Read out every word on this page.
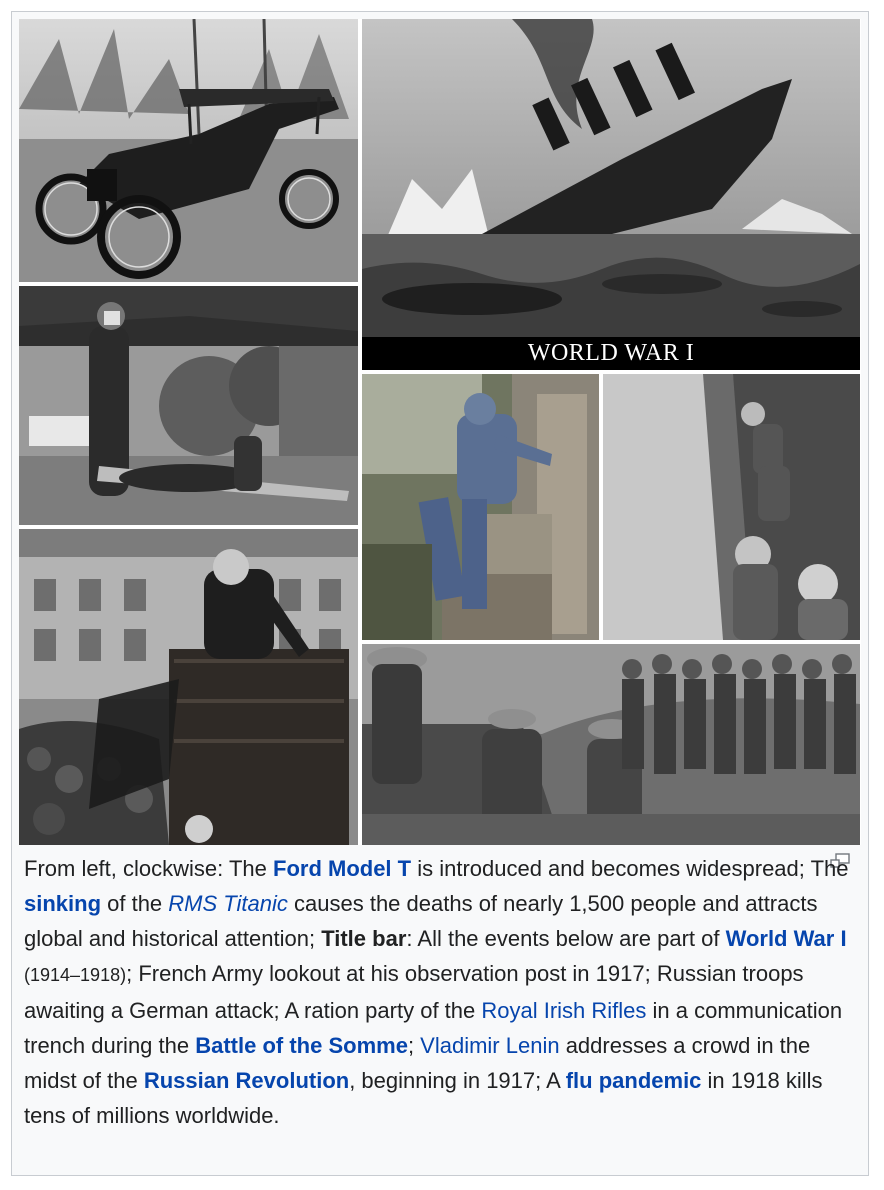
WORLD WAR I
From left, clockwise: The Ford Model T is introduced and becomes widespread; The sinking of the RMS Titanic causes the deaths of nearly 1,500 people and attracts global and historical attention; Title bar: All the events below are part of World War I (1914–1918); French Army lookout at his observation post in 1917; Russian troops awaiting a German attack; A ration party of the Royal Irish Rifles in a communication trench during the Battle of the Somme; Vladimir Lenin addresses a crowd in the midst of the Russian Revolution, beginning in 1917; A flu pandemic in 1918 kills tens of millions worldwide.
